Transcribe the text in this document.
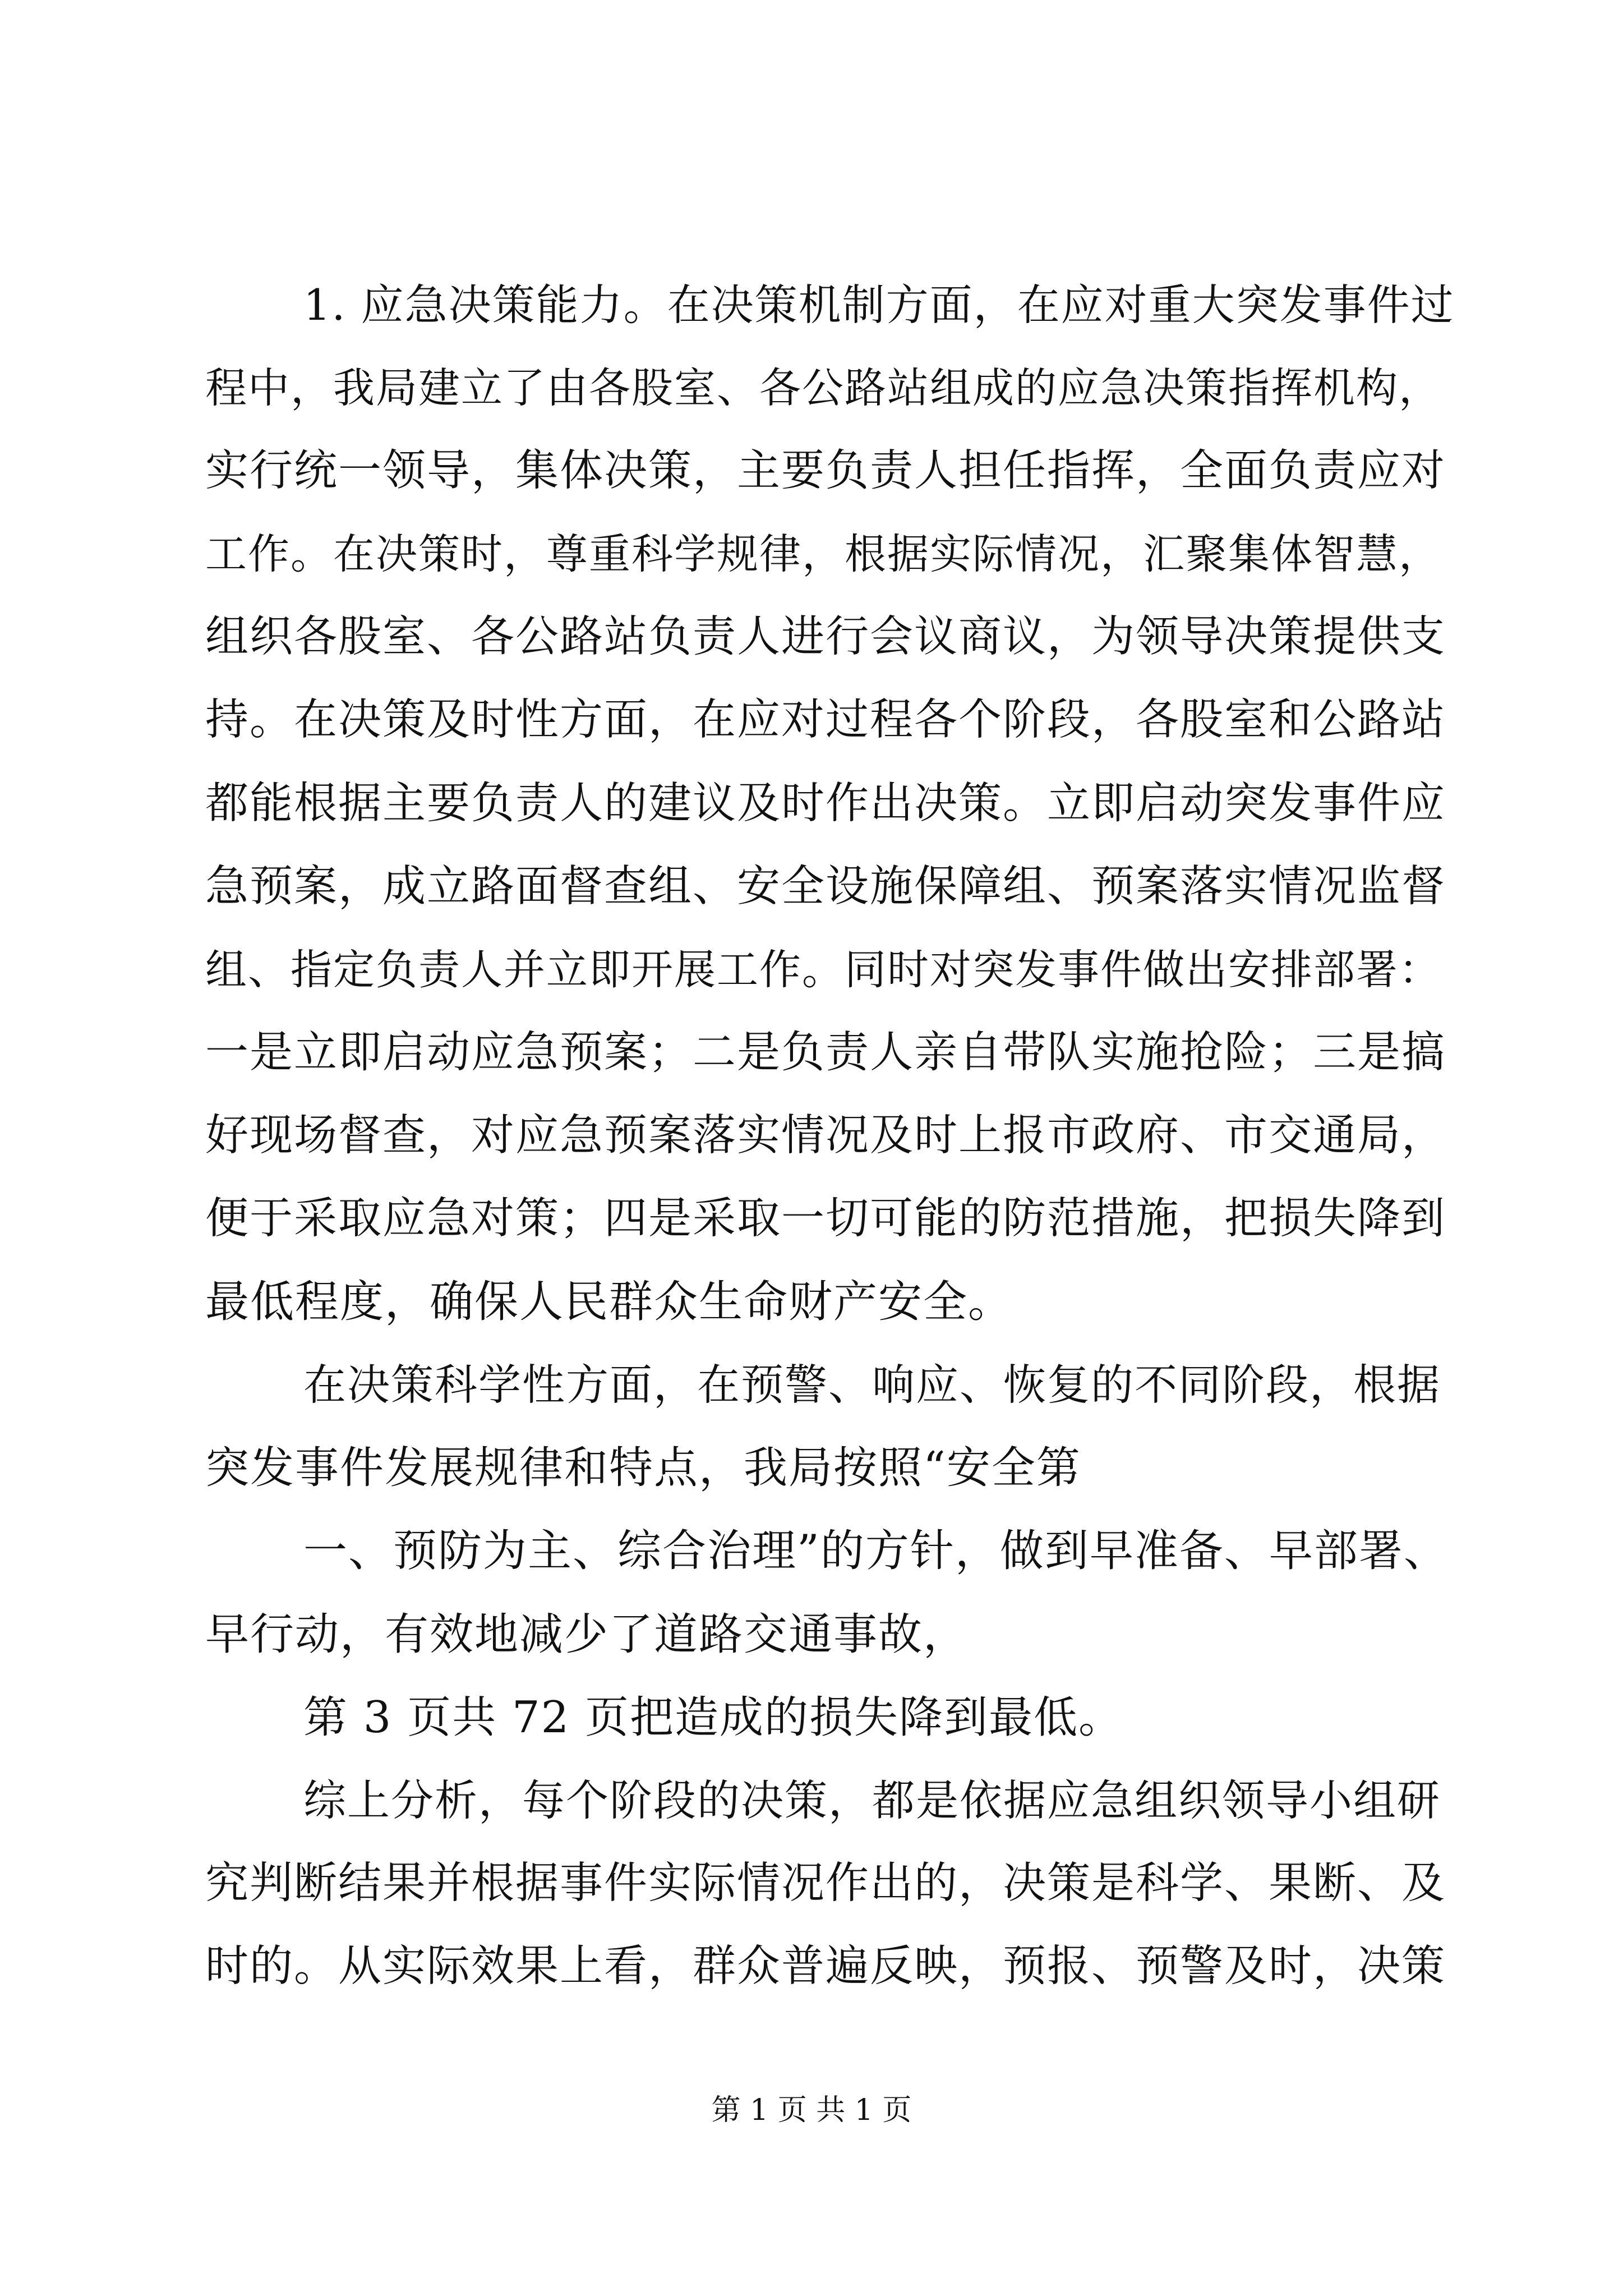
1. 应急决策能力。在决策机制方面，在应对重大突发事件过
程中，我局建立了由各股室、各公路站组成的应急决策指挥机构，
实行统一领导，集体决策，主要负责人担任指挥，全面负责应对
工作。在决策时，尊重科学规律，根据实际情况，汇聚集体智慧，
组织各股室、各公路站负责人进行会议商议，为领导决策提供支
持。在决策及时性方面，在应对过程各个阶段，各股室和公路站
都能根据主要负责人的建议及时作出决策。立即启动突发事件应
急预案，成立路面督查组、安全设施保障组、预案落实情况监督
组、指定负责人并立即开展工作。同时对突发事件做出安排部署：
一是立即启动应急预案；二是负责人亲自带队实施抢险；三是搞
好现场督查，对应急预案落实情况及时上报市政府、市交通局，
便于采取应急对策；四是采取一切可能的防范措施，把损失降到
最低程度，确保人民群众生命财产安全。
在决策科学性方面，在预警、响应、恢复的不同阶段，根据
突发事件发展规律和特点，我局按照“安全第
一、预防为主、综合治理”的方针，做到早准备、早部署、
早行动，有效地减少了道路交通事故，
第 3 页共 72 页把造成的损失降到最低。
综上分析，每个阶段的决策，都是依据应急组织领导小组研
究判断结果并根据事件实际情况作出的，决策是科学、果断、及
时的。从实际效果上看，群众普遍反映，预报、预警及时，决策
第 1 页 共 1 页
